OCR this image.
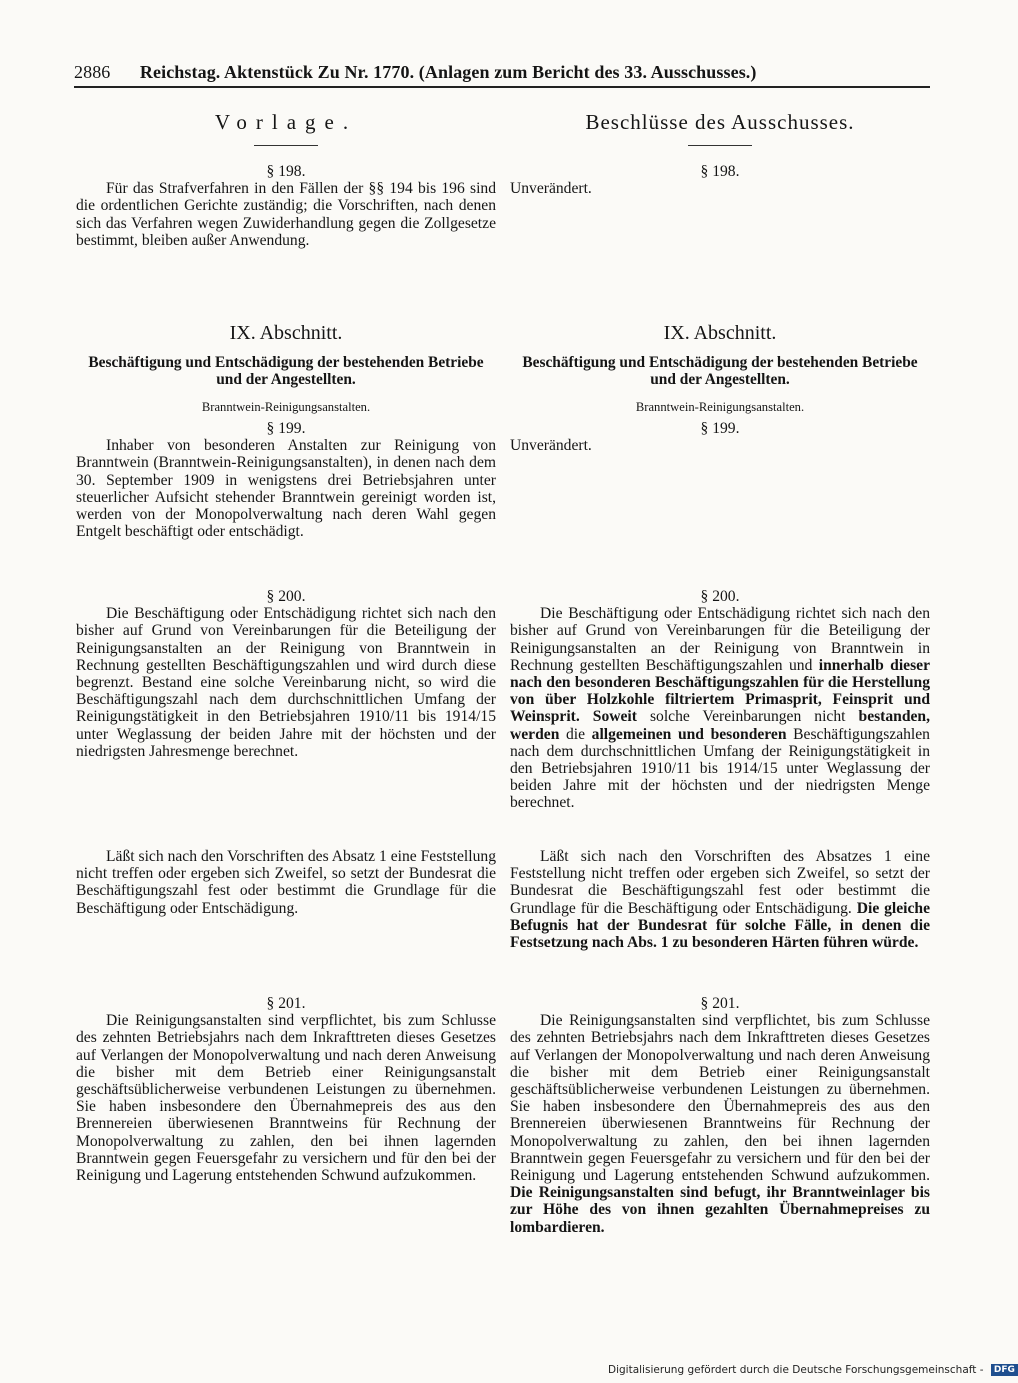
2886 Reichstag. Aktenstück Zu Nr. 1770. (Anlagen zum Bericht des 33. Ausschusses.)
Vorlage.
§ 198.
Für das Strafverfahren in den Fällen der §§ 194 bis 196 sind die ordentlichen Gerichte zuständig; die Vorschriften, nach denen sich das Verfahren wegen Zuwiderhandlung gegen die Zollgesetze bestimmt, bleiben außer Anwendung.
IX. Abschnitt.
Beschäftigung und Entschädigung der bestehenden Betriebe und der Angestellten.
Branntwein-Reinigungsanstalten.
§ 199.
Inhaber von besonderen Anstalten zur Reinigung von Branntwein (Branntwein-Reinigungsanstalten), in denen nach dem 30. September 1909 in wenigstens drei Betriebsjahren unter steuerlicher Aufsicht stehender Branntwein gereinigt worden ist, werden von der Monopolverwaltung nach deren Wahl gegen Entgelt beschäftigt oder entschädigt.
§ 200.
Die Beschäftigung oder Entschädigung richtet sich nach den bisher auf Grund von Vereinbarungen für die Beteiligung der Reinigungsanstalten an der Reinigung von Branntwein in Rechnung gestellten Beschäftigungszahlen und wird durch diese begrenzt. Bestand eine solche Vereinbarung nicht, so wird die Beschäftigungszahl nach dem durchschnittlichen Umfang der Reinigungstätigkeit in den Betriebsjahren 1910/11 bis 1914/15 unter Weglassung der beiden Jahre mit der höchsten und der niedrigsten Jahresmenge berechnet.
Läßt sich nach den Vorschriften des Absatz 1 eine Feststellung nicht treffen oder ergeben sich Zweifel, so setzt der Bundesrat die Beschäftigungszahl fest oder bestimmt die Grundlage für die Beschäftigung oder Entschädigung.
§ 201.
Die Reinigungsanstalten sind verpflichtet, bis zum Schlusse des zehnten Betriebsjahrs nach dem Inkrafttreten dieses Gesetzes auf Verlangen der Monopolverwaltung und nach deren Anweisung die bisher mit dem Betrieb einer Reinigungsanstalt geschäftsüblicherweise verbundenen Leistungen zu übernehmen. Sie haben insbesondere den Übernahmepreis des aus den Brennereien überwiesenen Branntweins für Rechnung der Monopolverwaltung zu zahlen, den bei ihnen lagernden Branntwein gegen Feuersgefahr zu versichern und für den bei der Reinigung und Lagerung entstehenden Schwund aufzukommen.
Beschlüsse des Ausschusses.
§ 198.
Unverändert.
IX. Abschnitt.
Beschäftigung und Entschädigung der bestehenden Betriebe und der Angestellten.
Branntwein-Reinigungsanstalten.
§ 199.
Unverändert.
§ 200.
Die Beschäftigung oder Entschädigung richtet sich nach den bisher auf Grund von Vereinbarungen für die Beteiligung der Reinigungsanstalten an der Reinigung von Branntwein in Rechnung gestellten Beschäftigungszahlen und innerhalb dieser nach den besonderen Beschäftigungszahlen für die Herstellung von über Holzkohle filtriertem Primasprit, Feinsprit und Weinsprit. Soweit solche Vereinbarungen nicht bestanden, werden die allgemeinen und besonderen Beschäftigungszahlen nach dem durchschnittlichen Umfang der Reinigungstätigkeit in den Betriebsjahren 1910/11 bis 1914/15 unter Weglassung der beiden Jahre mit der höchsten und der niedrigsten Menge berechnet.
Läßt sich nach den Vorschriften des Absatzes 1 eine Feststellung nicht treffen oder ergeben sich Zweifel, so setzt der Bundesrat die Beschäftigungszahl fest oder bestimmt die Grundlage für die Beschäftigung oder Entschädigung. Die gleiche Befugnis hat der Bundesrat für solche Fälle, in denen die Festsetzung nach Abs. 1 zu besonderen Härten führen würde.
§ 201.
Die Reinigungsanstalten sind verpflichtet, bis zum Schlusse des zehnten Betriebsjahrs nach dem Inkrafttreten dieses Gesetzes auf Verlangen der Monopolverwaltung und nach deren Anweisung die bisher mit dem Betrieb einer Reinigungsanstalt geschäftsüblicherweise verbundenen Leistungen zu übernehmen. Sie haben insbesondere den Übernahmepreis des aus den Brennereien überwiesenen Branntweins für Rechnung der Monopolverwaltung zu zahlen, den bei ihnen lagernden Branntwein gegen Feuersgefahr zu versichern und für den bei der Reinigung und Lagerung entstehenden Schwund aufzukommen. Die Reinigungsanstalten sind befugt, ihr Branntweinlager bis zur Höhe des von ihnen gezahlten Übernahmepreises zu lombardieren.
Digitalisierung gefördert durch die Deutsche Forschungsgemeinschaft - DFG
